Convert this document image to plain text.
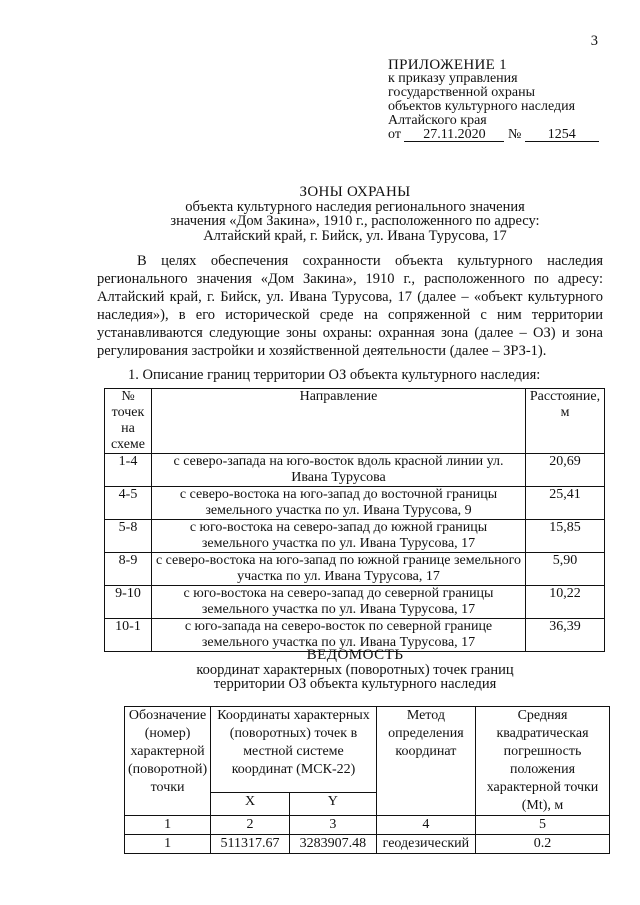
3
ПРИЛОЖЕНИЕ 1
к приказу управления
государственной охраны
объектов культурного наследия
Алтайского края
от 27.11.2020 № 1254
ЗОНЫ ОХРАНЫ
объекта культурного наследия регионального значения
значения «Дом Закина», 1910 г., расположенного по адресу:
Алтайский край, г. Бийск, ул. Ивана Турусова, 17
В целях обеспечения сохранности объекта культурного наследия регионального значения «Дом Закина», 1910 г., расположенного по адресу: Алтайский край, г. Бийск, ул. Ивана Турусова, 17 (далее – «объект культурного наследия»), в его исторической среде на сопряженной с ним территории устанавливаются следующие зоны охраны: охранная зона (далее – ОЗ) и зона регулирования застройки и хозяйственной деятельности (далее – ЗРЗ-1).
1. Описание границ территории ОЗ объекта культурного наследия:
№ точек на схеме	Направление	Расстояние, м
1-4	с северо-запада на юго-восток вдоль красной линии ул. Ивана Турусова	20,69
4-5	с северо-востока на юго-запад до восточной границы земельного участка по ул. Ивана Турусова, 9	25,41
5-8	с юго-востока на северо-запад до южной границы земельного участка по ул. Ивана Турусова, 17	15,85
8-9	с северо-востока на юго-запад по южной границе земельного участка по ул. Ивана Турусова, 17	5,90
9-10	с юго-востока на северо-запад до северной границы земельного участка по ул. Ивана Турусова, 17	10,22
10-1	с юго-запада на северо-восток по северной границе земельного участка по ул. Ивана Турусова, 17	36,39
ВЕДОМОСТЬ
координат характерных (поворотных) точек границ
территории ОЗ объекта культурного наследия
Обозначение (номер) характерной (поворотной) точки	Координаты характерных (поворотных) точек в местной системе координат (МСК-22)		Метод определения координат	Средняя квадратическая погрешность положения характерной точки (Mt), м
	X	Y		
1	2	3	4	5
1	511317.67	3283907.48	геодезический	0.2
